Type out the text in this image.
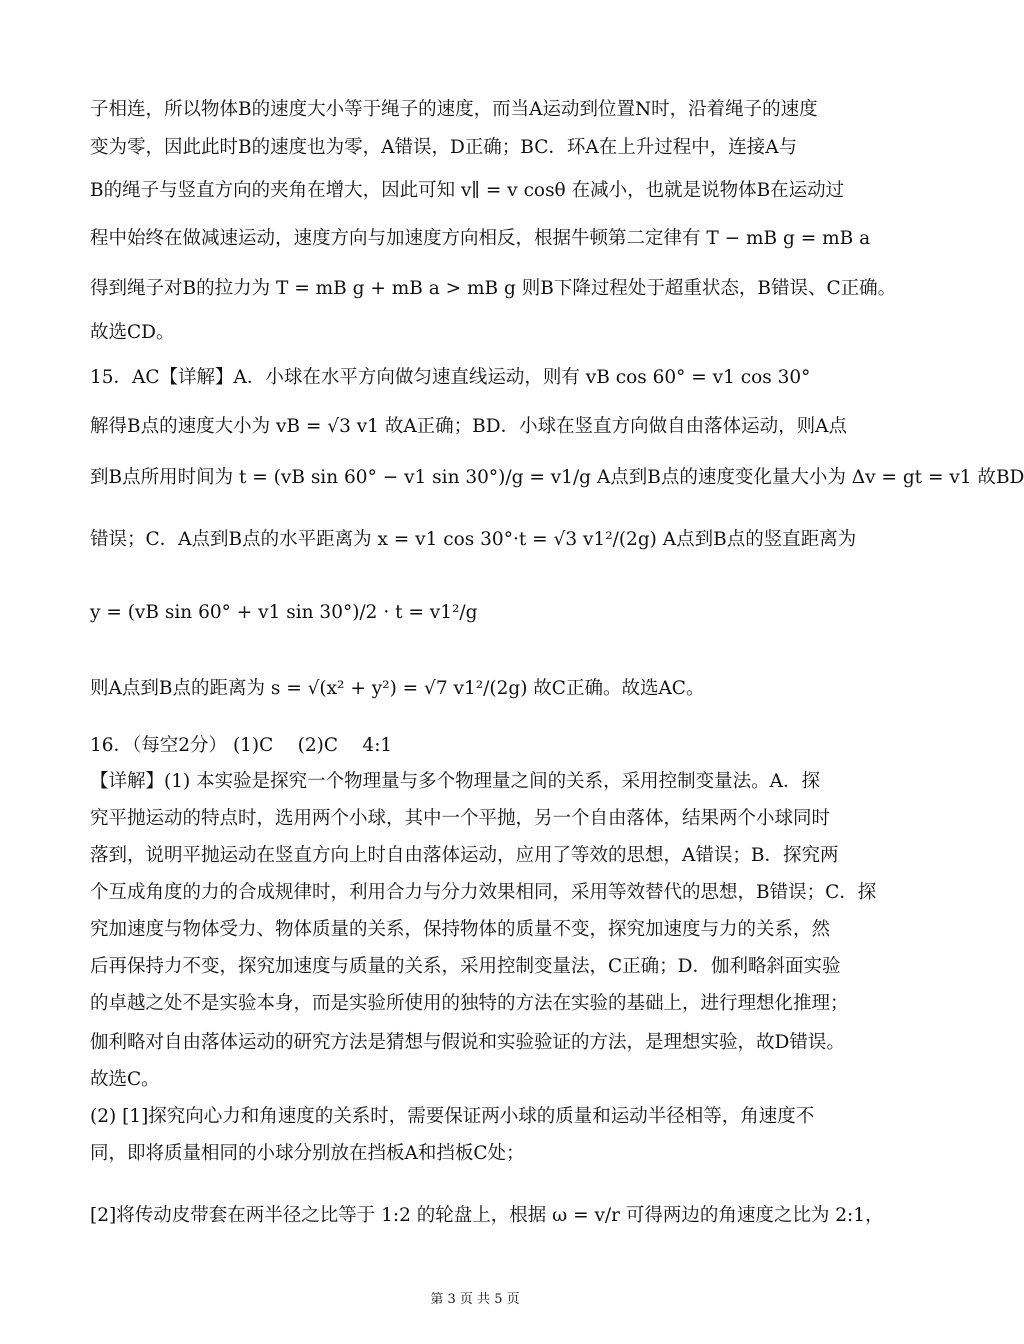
子相连，所以物体B的速度大小等于绳子的速度，而当A运动到位置N时，沿着绳子的速度
变为零，因此此时B的速度也为零，A错误，D正确；BC．环A在上升过程中，连接A与
B的绳子与竖直方向的夹角在增大，因此可知 v∥ = v cosθ 在减小，也就是说物体B在运动过
程中始终在做减速运动，速度方向与加速度方向相反，根据牛顿第二定律有 T − mB g = mB a
得到绳子对B的拉力为 T = mB g + mB a > mB g 则B下降过程处于超重状态，B错误、C正确。
故选CD。
15．AC【详解】A．小球在水平方向做匀速直线运动，则有 vB cos 60° = v1 cos 30°
解得B点的速度大小为 vB = √3 v1 故A正确；BD．小球在竖直方向做自由落体运动，则A点
到B点所用时间为 t = (vB sin 60° − v1 sin 30°)/g = v1/g A点到B点的速度变化量大小为 Δv = gt = v1 故BD
错误；C．A点到B点的水平距离为 x = v1 cos 30°·t = √3 v1²/(2g) A点到B点的竖直距离为
y = (vB sin 60° + v1 sin 30°)/2 · t = v1²/g
则A点到B点的距离为 s = √(x² + y²) = √7 v1²/(2g) 故C正确。故选AC。
16．（每空2分） (1)C　 (2)C　 4:1
【详解】(1) 本实验是探究一个物理量与多个物理量之间的关系，采用控制变量法。A．探
究平抛运动的特点时，选用两个小球，其中一个平抛，另一个自由落体，结果两个小球同时
落到，说明平抛运动在竖直方向上时自由落体运动，应用了等效的思想，A错误；B．探究两
个互成角度的力的合成规律时，利用合力与分力效果相同，采用等效替代的思想，B错误；C．探
究加速度与物体受力、物体质量的关系，保持物体的质量不变，探究加速度与力的关系，然
后再保持力不变，探究加速度与质量的关系，采用控制变量法，C正确；D．伽利略斜面实验
的卓越之处不是实验本身，而是实验所使用的独特的方法在实验的基础上，进行理想化推理；
伽利略对自由落体运动的研究方法是猜想与假说和实验验证的方法，是理想实验，故D错误。
故选C。
(2) [1]探究向心力和角速度的关系时，需要保证两小球的质量和运动半径相等，角速度不
同，即将质量相同的小球分别放在挡板A和挡板C处；
[2]将传动皮带套在两半径之比等于 1:2 的轮盘上，根据 ω = v/r 可得两边的角速度之比为 2:1，
第 3 页 共 5 页
